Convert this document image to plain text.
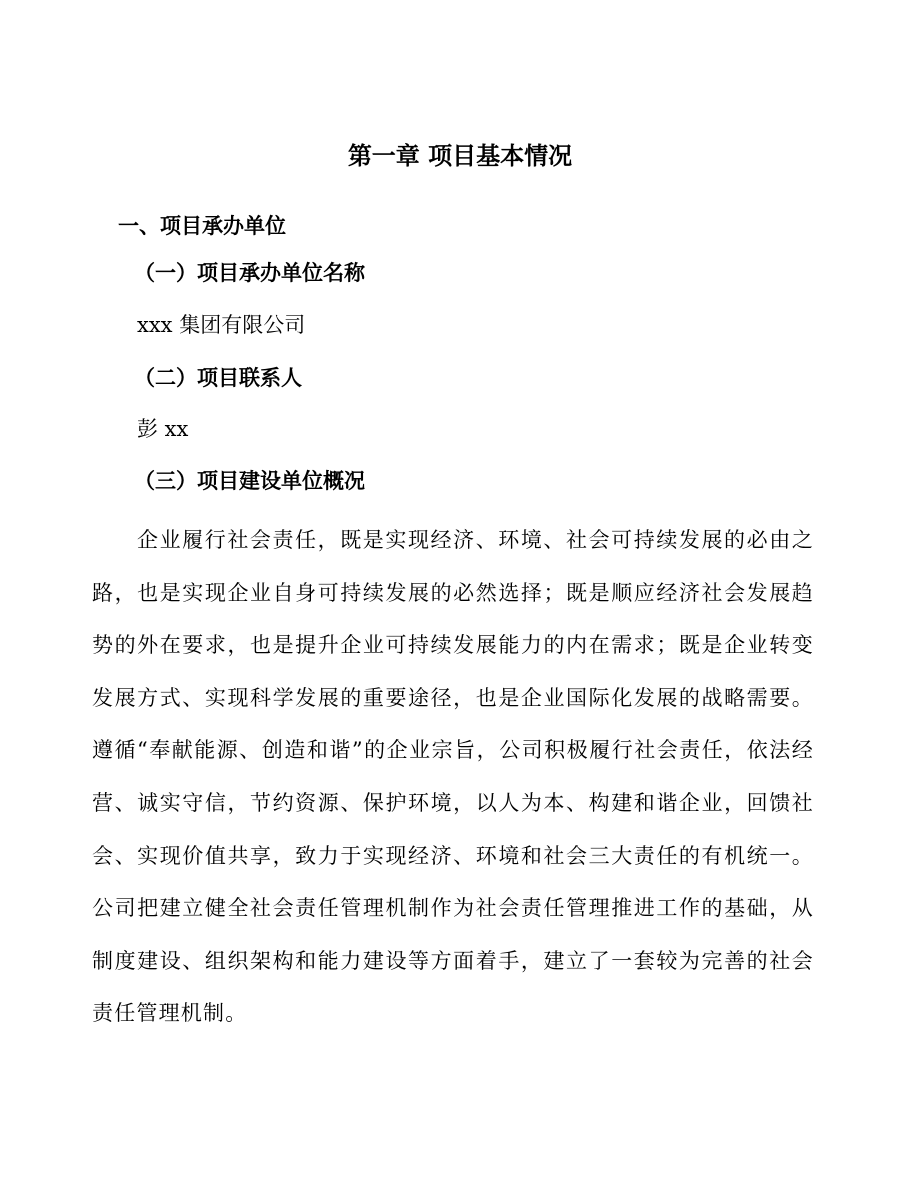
第一章 项目基本情况
一、项目承办单位
（一）项目承办单位名称

xxx 集团有限公司

（二）项目联系人

彭 xx

（三）项目建设单位概况

企业履行社会责任，既是实现经济、环境、社会可持续发展的必由之路，也是实现企业自身可持续发展的必然选择；既是顺应经济社会发展趋势的外在要求，也是提升企业可持续发展能力的内在需求；既是企业转变发展方式、实现科学发展的重要途径，也是企业国际化发展的战略需要。遵循“奉献能源、创造和谐”的企业宗旨，公司积极履行社会责任，依法经营、诚实守信，节约资源、保护环境，以人为本、构建和谐企业，回馈社会、实现价值共享，致力于实现经济、环境和社会三大责任的有机统一。公司把建立健全社会责任管理机制作为社会责任管理推进工作的基础，从制度建设、组织架构和能力建设等方面着手，建立了一套较为完善的社会责任管理机制。
